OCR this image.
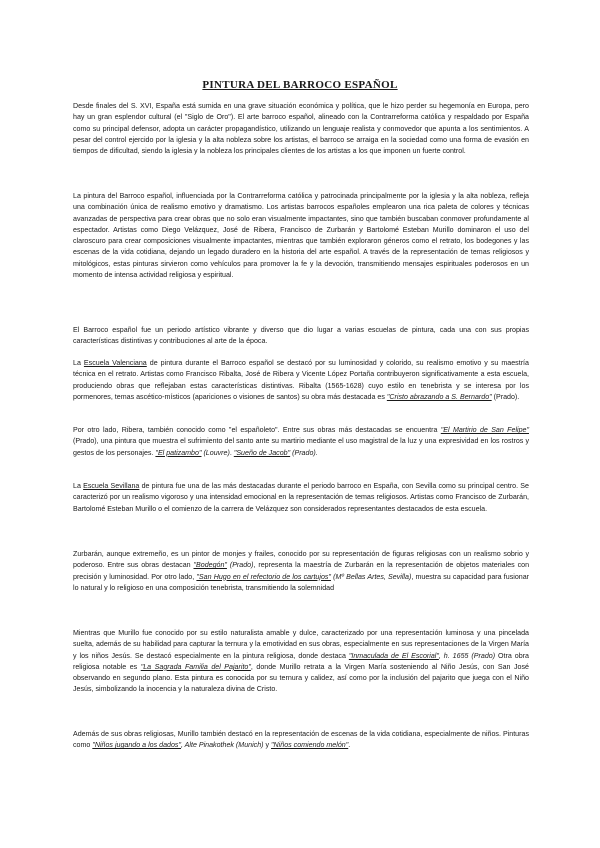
PINTURA DEL BARROCO ESPAÑOL

Desde finales del S. XVI, España está sumida en una grave situación económica y política, que le hizo perder su hegemonía en Europa, pero hay un gran esplendor cultural (el "Siglo de Oro"). El arte barroco español, alineado con la Contrarreforma católica y respaldado por España como su principal defensor, adopta un carácter propagandístico, utilizando un lenguaje realista y conmovedor que apunta a los sentimientos. A pesar del control ejercido por la iglesia y la alta nobleza sobre los artistas, el barroco se arraiga en la sociedad como una forma de evasión en tiempos de dificultad, siendo la iglesia y la nobleza los principales clientes de los artistas a los que imponen un fuerte control.

La pintura del Barroco español, influenciada por la Contrarreforma católica y patrocinada principalmente por la iglesia y la alta nobleza, refleja una combinación única de realismo emotivo y dramatismo. Los artistas barrocos españoles emplearon una rica paleta de colores y técnicas avanzadas de perspectiva para crear obras que no solo eran visualmente impactantes, sino que también buscaban conmover profundamente al espectador. Artistas como Diego Velázquez, José de Ribera, Francisco de Zurbarán y Bartolomé Esteban Murillo dominaron el uso del claroscuro para crear composiciones visualmente impactantes, mientras que también exploraron géneros como el retrato, los bodegones y las escenas de la vida cotidiana, dejando un legado duradero en la historia del arte español. A través de la representación de temas religiosos y mitológicos, estas pinturas sirvieron como vehículos para promover la fe y la devoción, transmitiendo mensajes espirituales poderosos en un momento de intensa actividad religiosa y espiritual.

El Barroco español fue un periodo artístico vibrante y diverso que dio lugar a varias escuelas de pintura, cada una con sus propias características distintivas y contribuciones al arte de la época.

La Escuela Valenciana de pintura durante el Barroco español se destacó por su luminosidad y colorido, su realismo emotivo y su maestría técnica en el retrato. Artistas como Francisco Ribalta, José de Ribera y Vicente López Portaña contribuyeron significativamente a esta escuela, produciendo obras que reflejaban estas características distintivas. Ribalta (1565-1628) cuyo estilo en tenebrista y se interesa por los pormenores, temas ascético-místicos (apariciones o visiones de santos) su obra más destacada es "Cristo abrazando a S. Bernardo" (Prado).

Por otro lado, Ribera, también conocido como "el españoleto". Entre sus obras más destacadas se encuentra "El Martirio de San Felipe" (Prado), una pintura que muestra el sufrimiento del santo ante su martirio mediante el uso magistral de la luz y una expresividad en los rostros y gestos de los personajes. "El patizambo" (Louvre). "Sueño de Jacob" (Prado).

La Escuela Sevillana de pintura fue una de las más destacadas durante el periodo barroco en España, con Sevilla como su principal centro. Se caracterizó por un realismo vigoroso y una intensidad emocional en la representación de temas religiosos. Artistas como Francisco de Zurbarán, Bartolomé Esteban Murillo o el comienzo de la carrera de Velázquez son considerados representantes destacados de esta escuela.

Zurbarán, aunque extremeño, es un pintor de monjes y frailes, conocido por su representación de figuras religiosas con un realismo sobrio y poderoso. Entre sus obras destacan "Bodegón" (Prado), representa la maestría de Zurbarán en la representación de objetos materiales con precisión y luminosidad. Por otro lado, "San Hugo en el refectorio de los cartujos" (Mº Bellas Artes, Sevilla), muestra su capacidad para fusionar lo natural y lo religioso en una composición tenebrista, transmitiendo la solemnidad

Mientras que Murillo fue conocido por su estilo naturalista amable y dulce, caracterizado por una representación luminosa y una pincelada suelta, además de su habilidad para capturar la ternura y la emotividad en sus obras, especialmente en sus representaciones de la Virgen María y los niños Jesús. Se destacó especialmente en la pintura religiosa, donde destaca "Inmaculada de El Escorial", h. 1655 (Prado) Otra obra religiosa notable es "La Sagrada Familia del Pajarito", donde Murillo retrata a la Virgen María sosteniendo al Niño Jesús, con San José observando en segundo plano. Esta pintura es conocida por su ternura y calidez, así como por la inclusión del pajarito que juega con el Niño Jesús, simbolizando la inocencia y la naturaleza divina de Cristo.

Además de sus obras religiosas, Murillo también destacó en la representación de escenas de la vida cotidiana, especialmente de niños. Pinturas como "Niños jugando a los dados", Alte Pinakothek (Munich) y "Niños comiendo melón".
